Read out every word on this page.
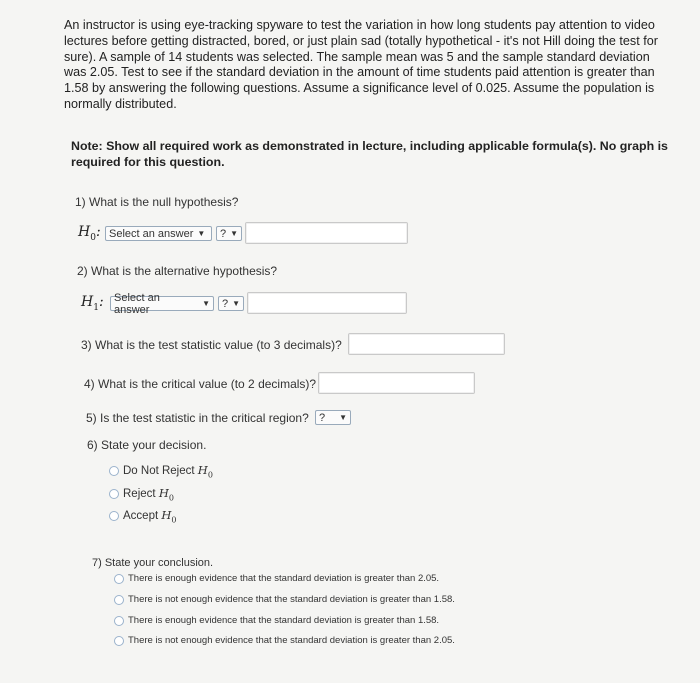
An instructor is using eye-tracking spyware to test the variation in how long students pay attention to video lectures before getting distracted, bored, or just plain sad (totally hypothetical - it's not Hill doing the test for sure). A sample of 14 students was selected. The sample mean was 5 and the sample standard deviation was 2.05. Test to see if the standard deviation in the amount of time students paid attention is greater than 1.58 by answering the following questions. Assume a significance level of 0.025. Assume the population is normally distributed.
Note: Show all required work as demonstrated in lecture, including applicable formula(s). No graph is required for this question.
1) What is the null hypothesis?
$H_0$: Select an answer ▼ ? ▼
2) What is the alternative hypothesis?
$H_1$: Select an answer	▼ ? ▼
3) What is the test statistic value (to 3 decimals)?
4) What is the critical value (to 2 decimals)?
5) Is the test statistic in the critical region? ? ▼
6) State your decision.
Do Not Reject
$H_0$
Reject
$H_0$
Accept
$H_0$
7) State your conclusion.
There is enough evidence that the standard deviation is greater than 2.05.
There is not enough evidence that the standard deviation is greater than 1.58.
There is enough evidence that the standard deviation is greater than 1.58.
There is not enough evidence that the standard deviation is greater than 2.05.
